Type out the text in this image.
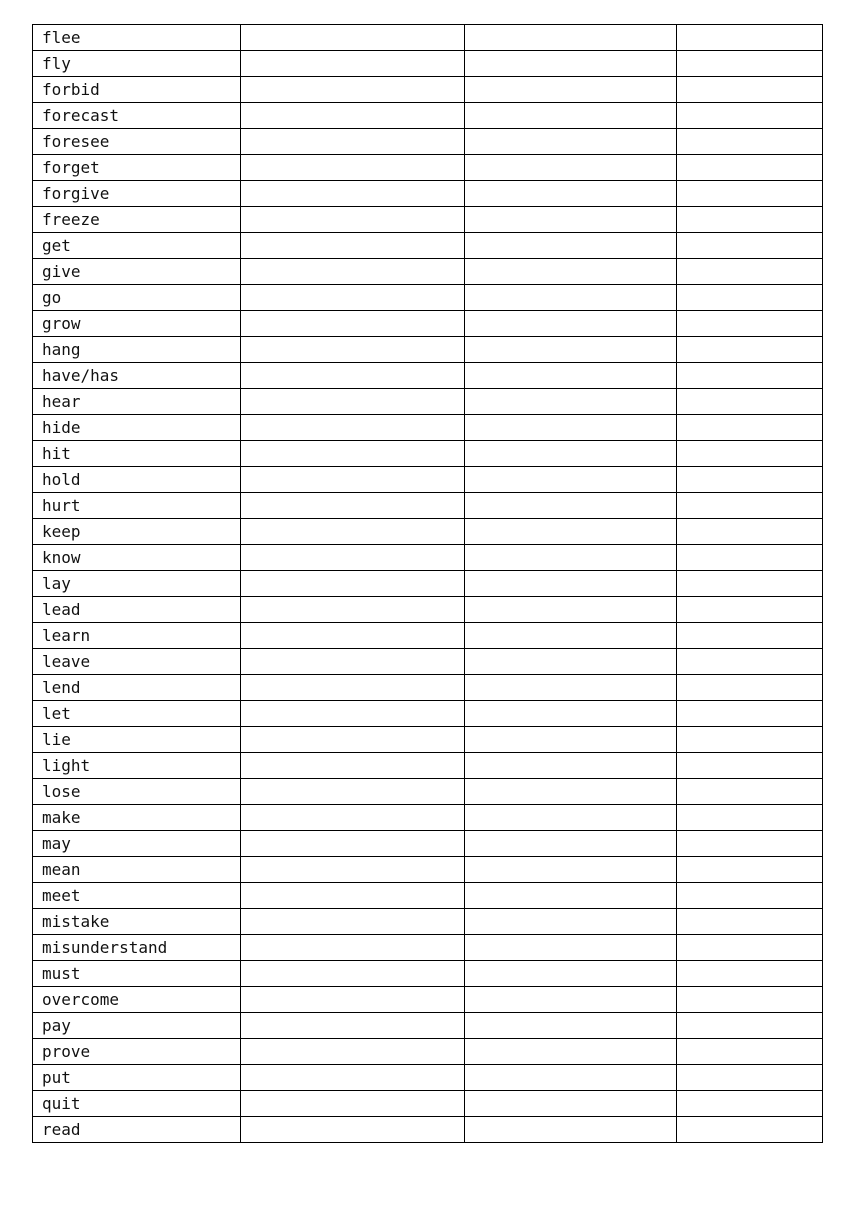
flee			
fly			
forbid			
forecast			
foresee			
forget			
forgive			
freeze			
get			
give			
go			
grow			
hang			
have/has			
hear			
hide			
hit			
hold			
hurt			
keep			
know			
lay			
lead			
learn			
leave			
lend			
let			
lie			
light			
lose			
make			
may			
mean			
meet			
mistake			
misunderstand			
must			
overcome			
pay			
prove			
put			
quit			
read			
